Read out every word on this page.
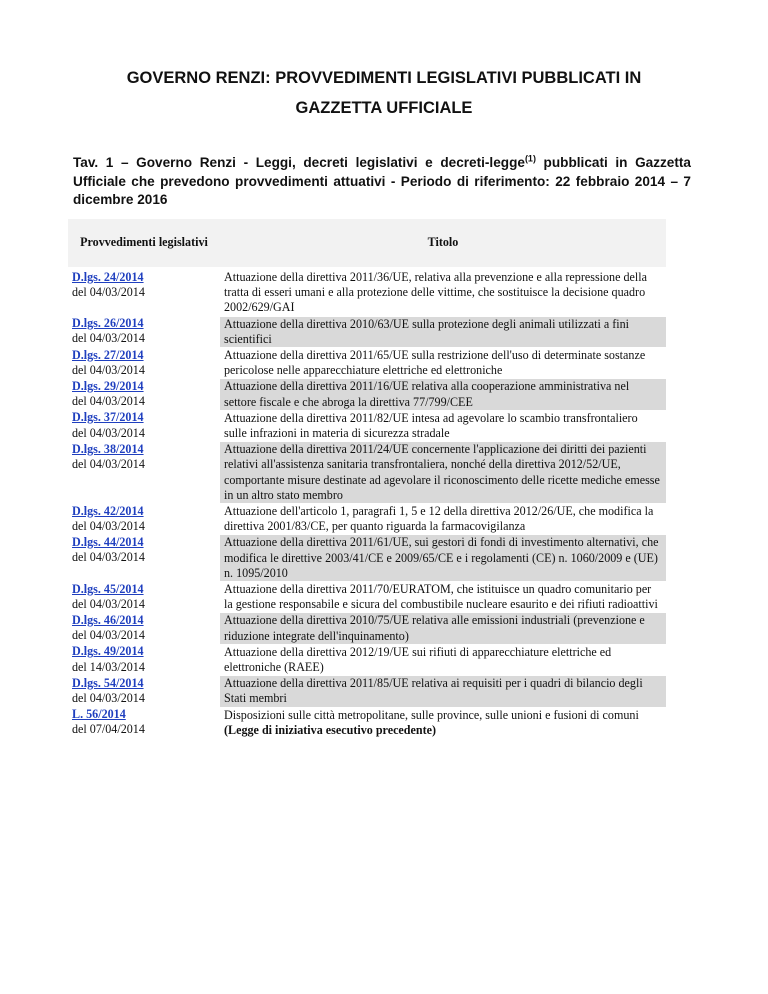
GOVERNO RENZI: PROVVEDIMENTI LEGISLATIVI PUBBLICATI IN
GAZZETTA UFFICIALE

Tav. 1 – Governo Renzi - Leggi, decreti legislativi e decreti-legge$^{(1)}$ pubblicati in Gazzetta Ufficiale che prevedono provvedimenti attuativi - Periodo di riferimento: 22 febbraio 2014 – 7 dicembre 2016

Provvedimenti legislativi	Titolo

D.lgs. 24/2014
del 04/03/2014	Attuazione della direttiva 2011/36/UE, relativa alla prevenzione e alla repressione della tratta di esseri umani e alla protezione delle vittime, che sostituisce la decisione quadro 2002/629/GAI

D.lgs. 26/2014
del 04/03/2014	Attuazione della direttiva 2010/63/UE sulla protezione degli animali utilizzati a fini scientifici

D.lgs. 27/2014
del 04/03/2014	Attuazione della direttiva 2011/65/UE sulla restrizione dell'uso di determinate sostanze pericolose nelle apparecchiature elettriche ed elettroniche

D.lgs. 29/2014
del 04/03/2014	Attuazione della direttiva 2011/16/UE relativa alla cooperazione amministrativa nel settore fiscale e che abroga la direttiva 77/799/CEE

D.lgs. 37/2014
del 04/03/2014	Attuazione della direttiva 2011/82/UE intesa ad agevolare lo scambio transfrontaliero sulle infrazioni in materia di sicurezza stradale

D.lgs. 38/2014
del 04/03/2014	Attuazione della direttiva 2011/24/UE concernente l'applicazione dei diritti dei pazienti relativi all'assistenza sanitaria transfrontaliera, nonché della direttiva 2012/52/UE, comportante misure destinate ad agevolare il riconoscimento delle ricette mediche emesse in un altro stato membro

D.lgs. 42/2014
del 04/03/2014	Attuazione dell'articolo 1, paragrafi 1, 5 e 12 della direttiva 2012/26/UE, che modifica la direttiva 2001/83/CE, per quanto riguarda la farmacovigilanza

D.lgs. 44/2014
del 04/03/2014	Attuazione della direttiva 2011/61/UE, sui gestori di fondi di investimento alternativi, che modifica le direttive 2003/41/CE e 2009/65/CE e i regolamenti (CE) n. 1060/2009 e (UE) n. 1095/2010

D.lgs. 45/2014
del 04/03/2014	Attuazione della direttiva 2011/70/EURATOM, che istituisce un quadro comunitario per la gestione responsabile e sicura del combustibile nucleare esaurito e dei rifiuti radioattivi

D.lgs. 46/2014
del 04/03/2014	Attuazione della direttiva 2010/75/UE relativa alle emissioni industriali (prevenzione e riduzione integrate dell'inquinamento)

D.lgs. 49/2014
del 14/03/2014	Attuazione della direttiva 2012/19/UE sui rifiuti di apparecchiature elettriche ed elettroniche (RAEE)

D.lgs. 54/2014
del 04/03/2014	Attuazione della direttiva 2011/85/UE relativa ai requisiti per i quadri di bilancio degli Stati membri

L. 56/2014
del 07/04/2014	Disposizioni sulle città metropolitane, sulle province, sulle unioni e fusioni di comuni
(Legge di iniziativa esecutivo precedente)
